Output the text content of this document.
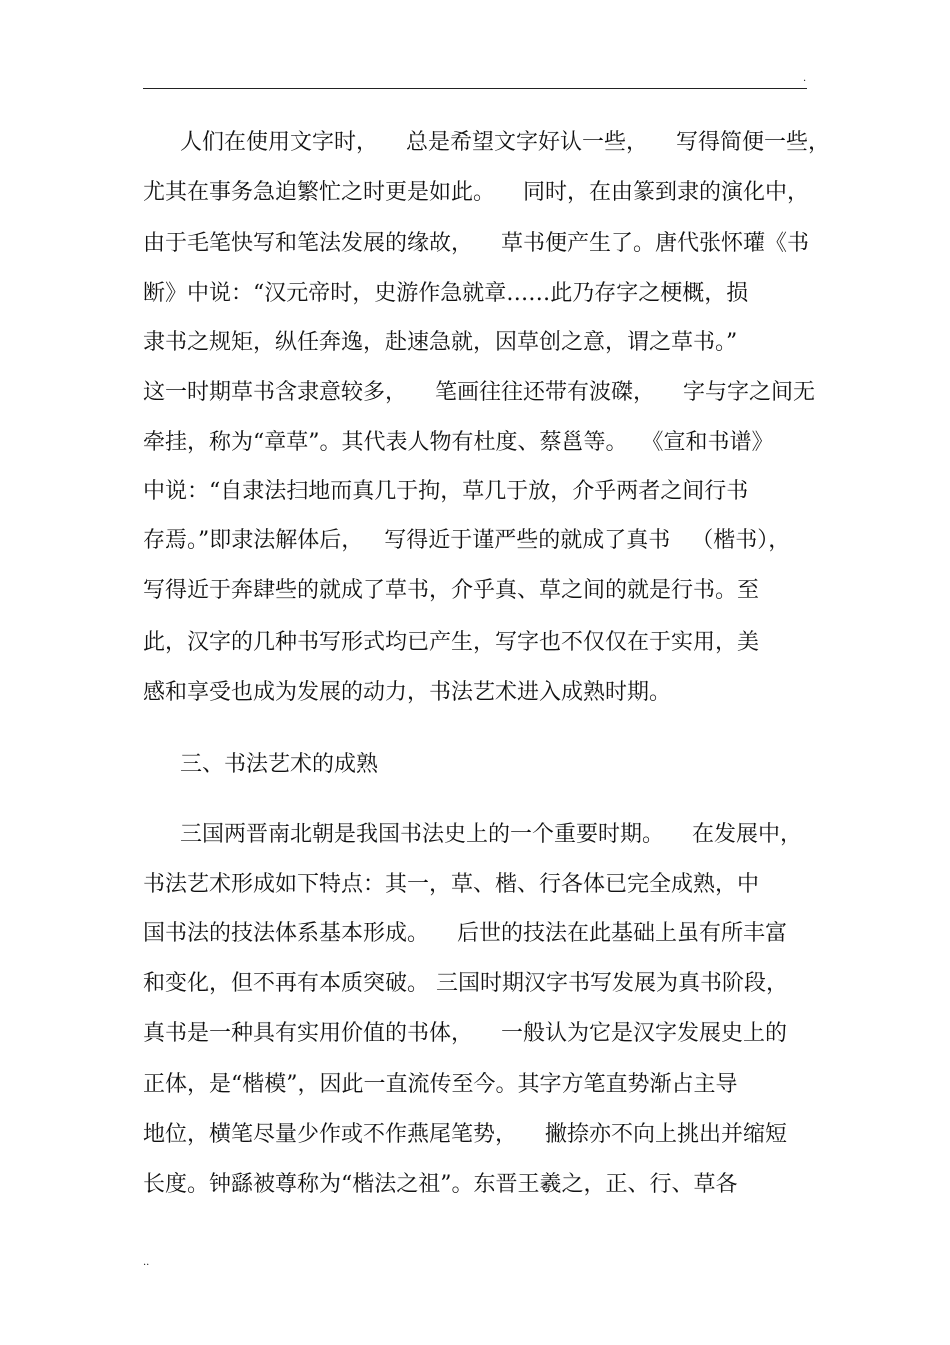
.
人们在使用文字时，    总是希望文字好认一些，    写得简便一些，
尤其在事务急迫繁忙之时更是如此。    同时，在由篆到隶的演化中，
由于毛笔快写和笔法发展的缘故，    草书便产生了。唐代张怀瓘《书
断》中说：“汉元帝时，史游作急就章……此乃存字之梗概，损
隶书之规矩，纵任奔逸，赴速急就，因草创之意，谓之草书。”
这一时期草书含隶意较多，    笔画往往还带有波磔，    字与字之间无
牵挂，称为“章草”。其代表人物有杜度、蔡邕等。  《宣和书谱》
中说：“自隶法扫地而真几于拘，草几于放，介乎两者之间行书
存焉。”即隶法解体后，   写得近于谨严些的就成了真书   （楷书），
写得近于奔肆些的就成了草书，介乎真、草之间的就是行书。至
此，汉字的几种书写形式均已产生，写字也不仅仅在于实用，美
感和享受也成为发展的动力，书法艺术进入成熟时期。
三、书法艺术的成熟
三国两晋南北朝是我国书法史上的一个重要时期。    在发展中，
书法艺术形成如下特点：其一，草、楷、行各体已完全成熟，中
国书法的技法体系基本形成。    后世的技法在此基础上虽有所丰富
和变化，但不再有本质突破。 三国时期汉字书写发展为真书阶段，
真书是一种具有实用价值的书体，    一般认为它是汉字发展史上的
正体，是“楷模”，因此一直流传至今。其字方笔直势渐占主导
地位，横笔尽量少作或不作燕尾笔势，    撇捺亦不向上挑出并缩短
长度。钟繇被尊称为“楷法之祖”。东晋王羲之，正、行、草各
..
